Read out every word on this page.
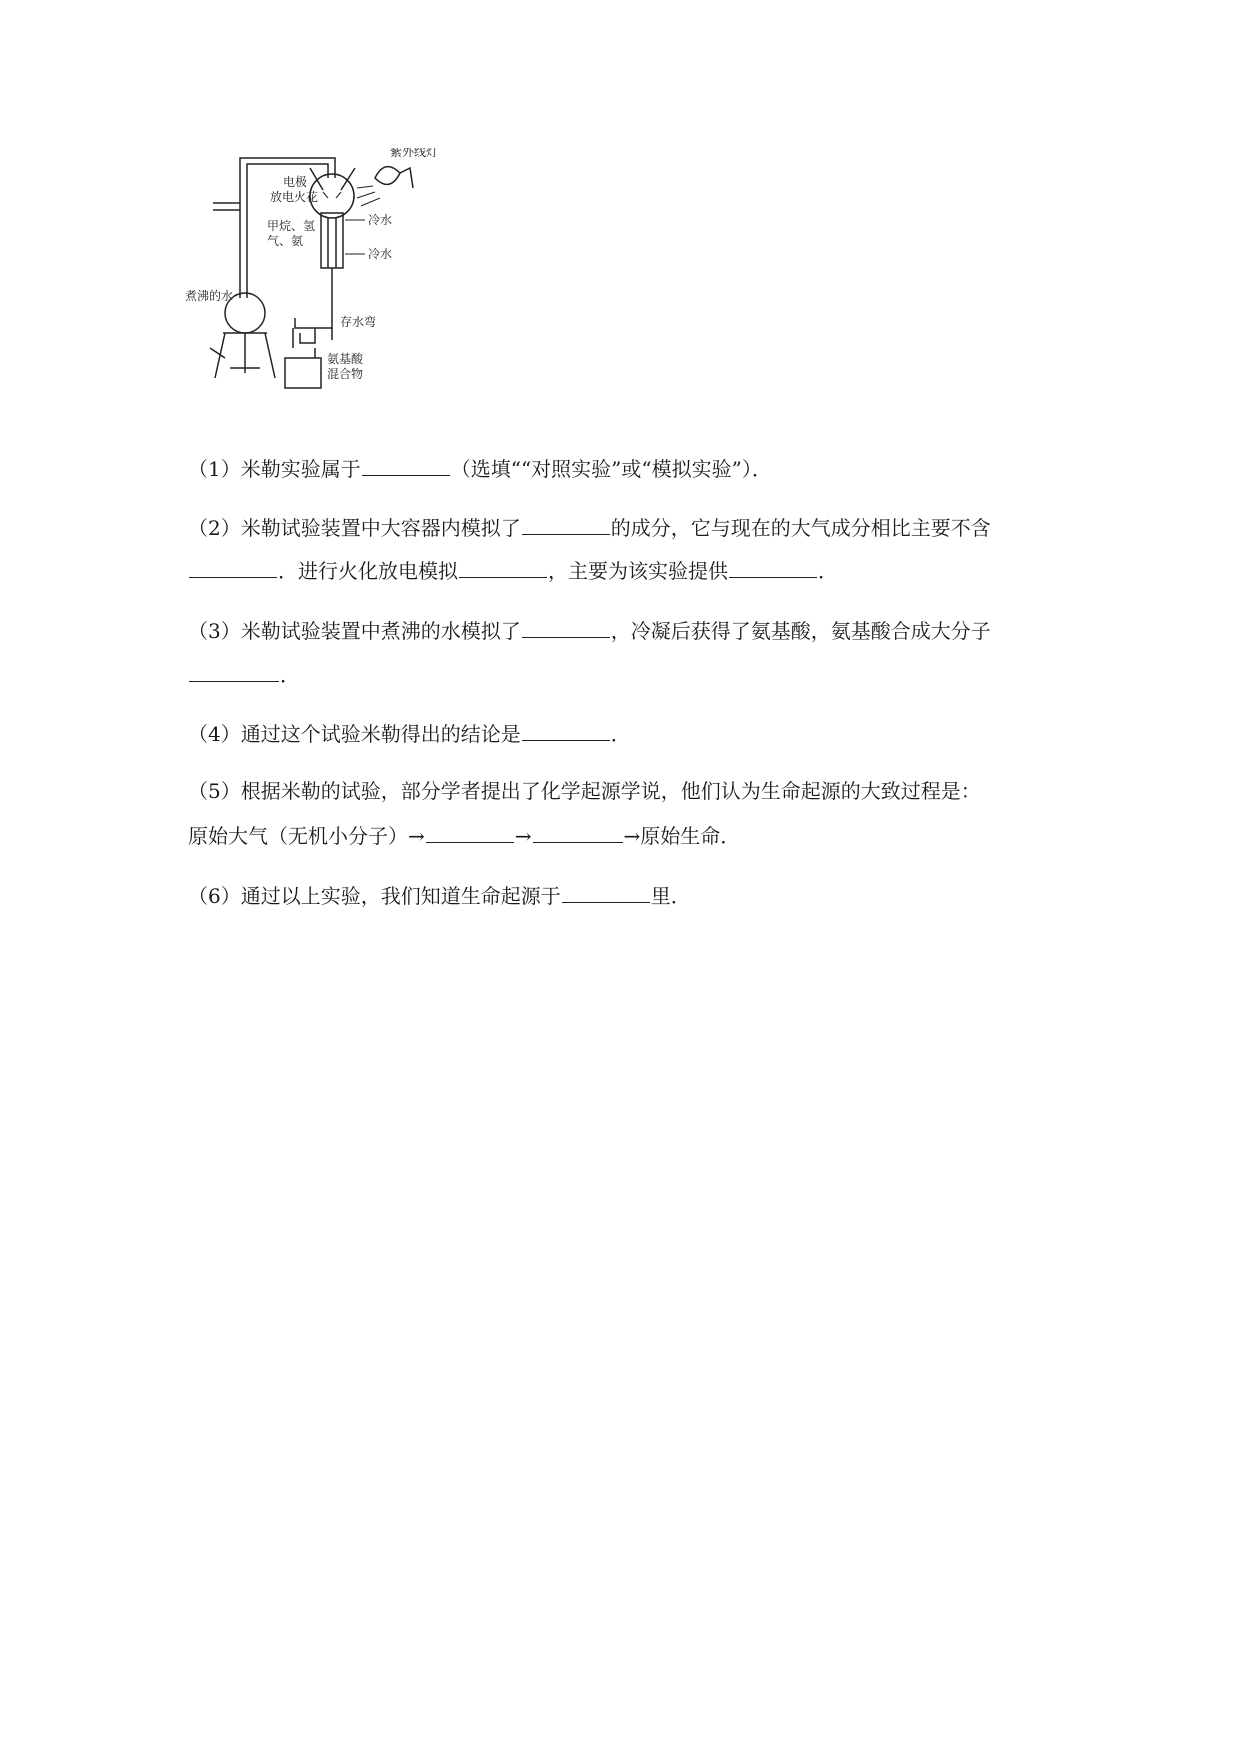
紫外线灯
电极
放电火花
甲烷、氢
气、氨
冷水
冷水
煮沸的水
存水弯
氨基酸
混合物
（1）米勒实验属于	（选填““对照实验”或“模拟实验”）．
（2）米勒试验装置中大容器内模拟了	的成分，它与现在的大气成分相比主要不含
．进行火化放电模拟	，主要为该实验提供	．
（3）米勒试验装置中煮沸的水模拟了	，冷凝后获得了氨基酸，氨基酸合成大分子
．
（4）通过这个试验米勒得出的结论是	．
（5）根据米勒的试验，部分学者提出了化学起源学说，他们认为生命起源的大致过程是：
原始大气（无机小分子）→	→	→原始生命．
（6）通过以上实验，我们知道生命起源于	里．
